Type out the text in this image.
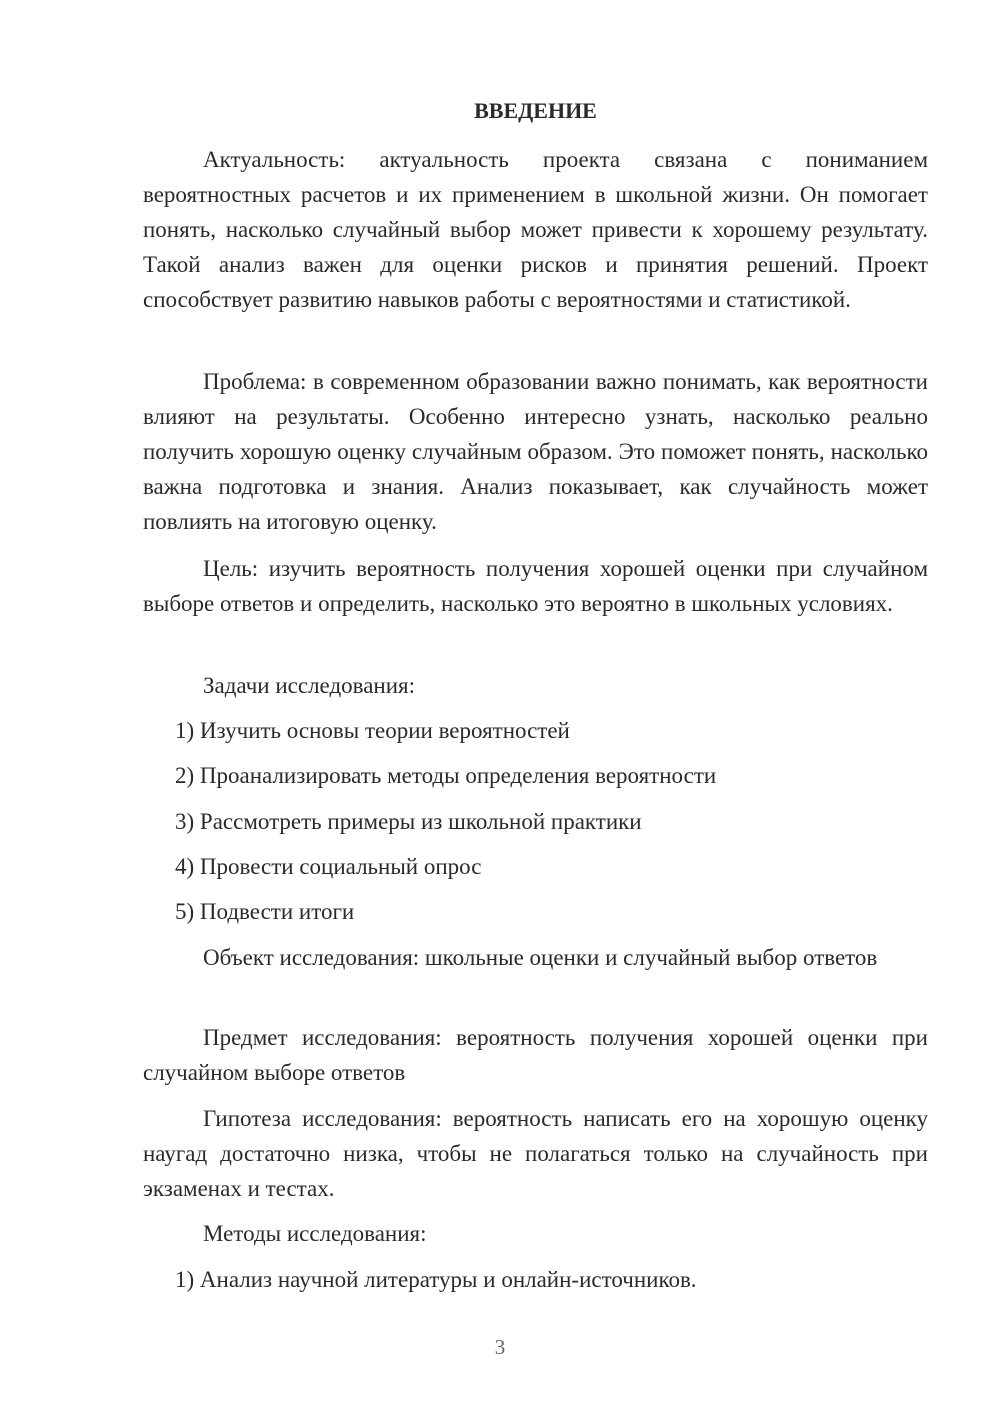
ВВЕДЕНИЕ

Актуальность: актуальность проекта связана с пониманием вероятностных расчетов и их применением в школьной жизни. Он помогает понять, насколько случайный выбор может привести к хорошему результату. Такой анализ важен для оценки рисков и принятия решений. Проект способствует развитию навыков работы с вероятностями и статистикой.

Проблема: в современном образовании важно понимать, как вероятности влияют на результаты. Особенно интересно узнать, насколько реально получить хорошую оценку случайным образом. Это поможет понять, насколько важна подготовка и знания. Анализ показывает, как случайность может повлиять на итоговую оценку.

Цель: изучить вероятность получения хорошей оценки при случайном выборе ответов и определить, насколько это вероятно в школьных условиях.

Задачи исследования:

1) Изучить основы теории вероятностей

2) Проанализировать методы определения вероятности

3) Рассмотреть примеры из школьной практики

4) Провести социальный опрос

5) Подвести итоги

Объект исследования: школьные оценки и случайный выбор ответов

Предмет исследования: вероятность получения хорошей оценки при случайном выборе ответов

Гипотеза исследования: вероятность написать его на хорошую оценку наугад достаточно низка, чтобы не полагаться только на случайность при экзаменах и тестах.

Методы исследования:

1) Анализ научной литературы и онлайн-источников.

3
